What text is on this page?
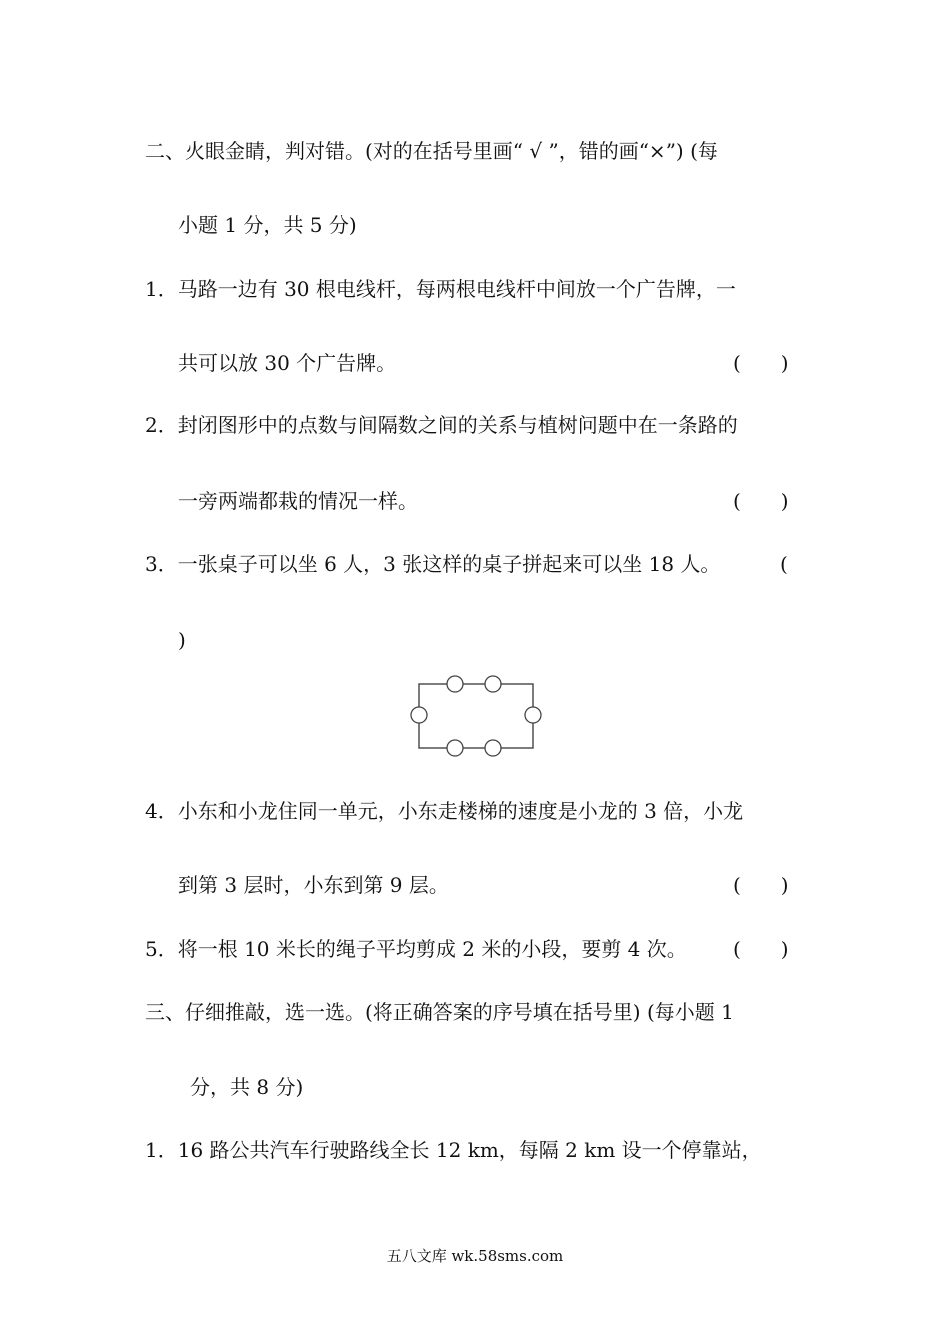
二、火眼金睛，判对错。(对的在括号里画“ √ ”，错的画“×”) (每
小题 1 分，共 5 分)
1．马路一边有 30 根电线杆，每两根电线杆中间放一个广告牌，一
共可以放 30 个广告牌。	(　　)
2．封闭图形中的点数与间隔数之间的关系与植树问题中在一条路的
一旁两端都栽的情况一样。	(　　)
3．一张桌子可以坐 6 人，3 张这样的桌子拼起来可以坐 18 人。	(
)
4．小东和小龙住同一单元，小东走楼梯的速度是小龙的 3 倍，小龙
到第 3 层时，小东到第 9 层。	(　　)
5．将一根 10 米长的绳子平均剪成 2 米的小段，要剪 4 次。 (　　)
三、仔细推敲，选一选。(将正确答案的序号填在括号里) (每小题 1
分，共 8 分)
1．16 路公共汽车行驶路线全长 12 km，每隔 2 km 设一个停靠站，
五八文库 wk.58sms.com
